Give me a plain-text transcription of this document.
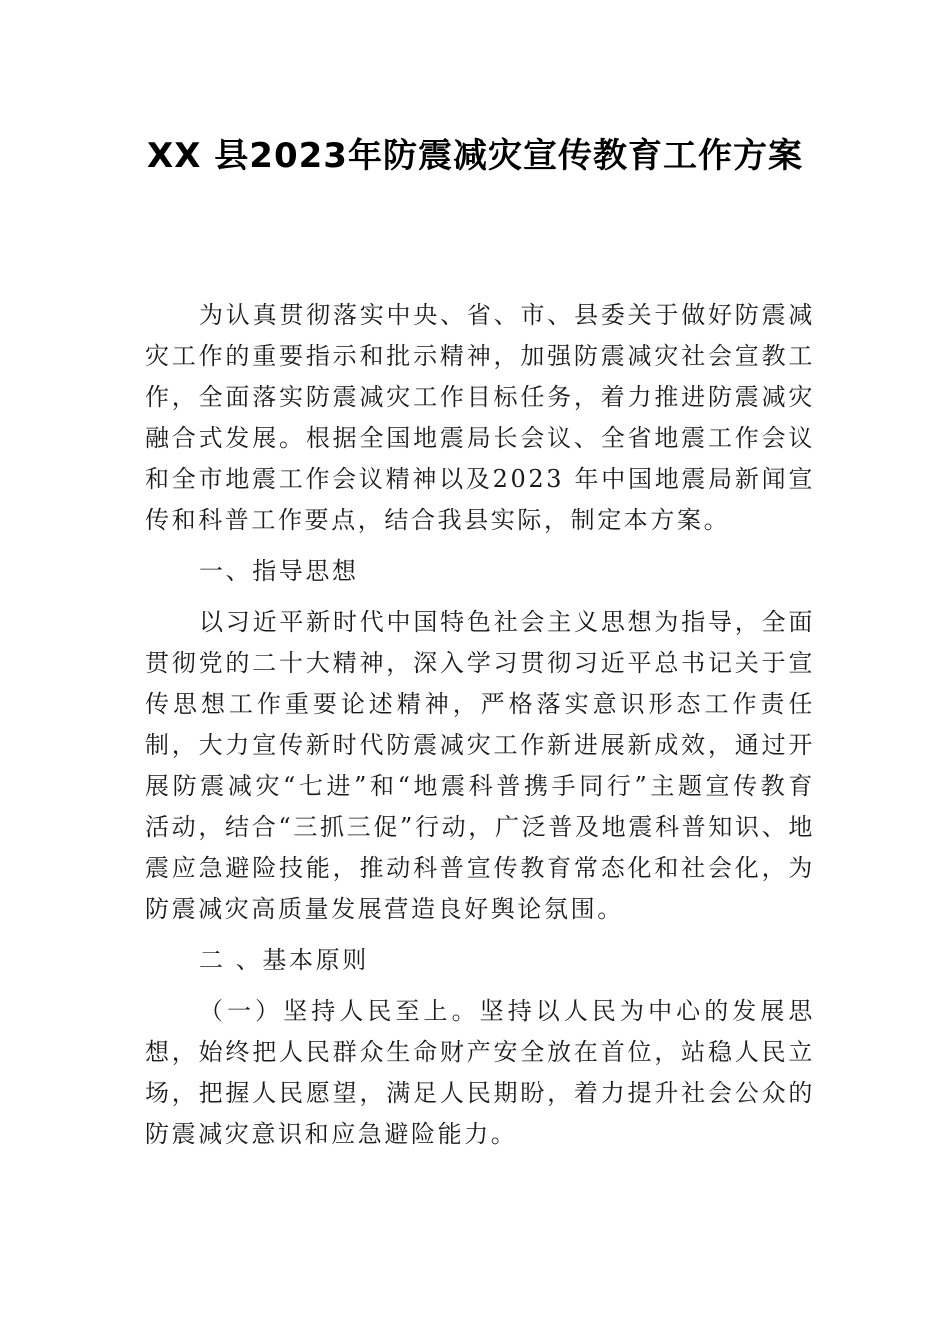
XX 县2023年防震减灾宣传教育工作方案

为认真贯彻落实中央、省、市、县委关于做好防震减灾工作的重要指示和批示精神，加强防震减灾社会宣教工作，全面落实防震减灾工作目标任务，着力推进防震减灾融合式发展。根据全国地震局长会议、全省地震工作会议和全市地震工作会议精神以及2023 年中国地震局新闻宣传和科普工作要点，结合我县实际，制定本方案。

一、指导思想

以习近平新时代中国特色社会主义思想为指导，全面贯彻党的二十大精神，深入学习贯彻习近平总书记关于宣传思想工作重要论述精神，严格落实意识形态工作责任制，大力宣传新时代防震减灾工作新进展新成效，通过开展防震减灾“七进”和“地震科普携手同行”主题宣传教育活动，结合“三抓三促”行动，广泛普及地震科普知识、地震应急避险技能，推动科普宣传教育常态化和社会化，为防震减灾高质量发展营造良好舆论氛围。

二 、基本原则

（一）坚持人民至上。坚持以人民为中心的发展思想，始终把人民群众生命财产安全放在首位，站稳人民立场，把握人民愿望，满足人民期盼，着力提升社会公众的防震减灾意识和应急避险能力。
